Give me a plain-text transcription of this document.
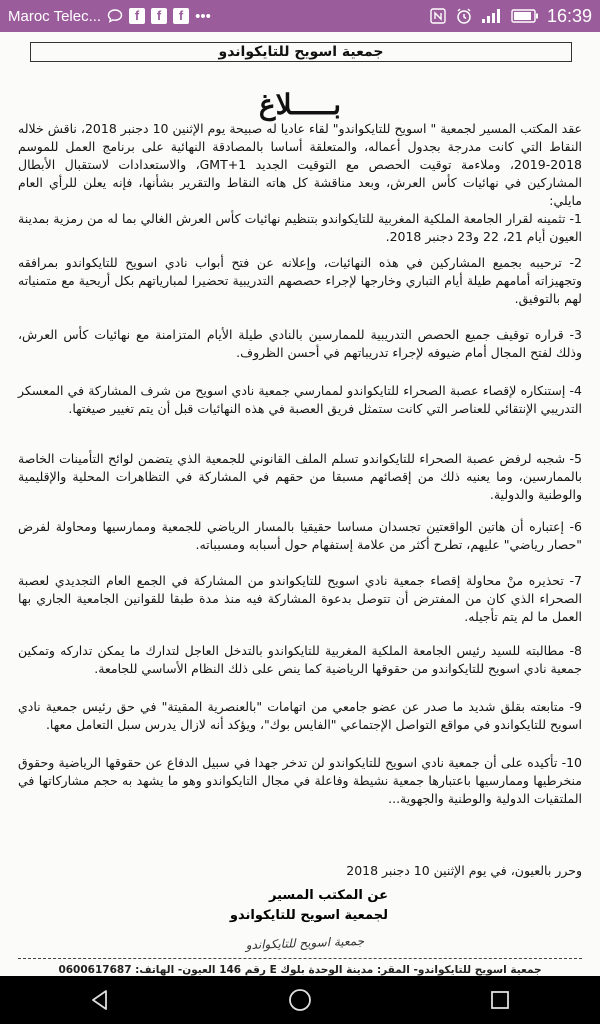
Maroc Telec...	f	f	f •••	16:39
جمعية اسويح للتايكواندو
بـــــلاغ
عقد المكتب المسير لجمعية " اسويح للتايكواندو" لقاء عاديا له صبيحة يوم الإثنين 10 دجنبر 2018، ناقش خلاله النقاط التي كانت مدرجة بجدول أعماله، والمتعلقة أساسا بالمصادقة النهائية على برنامج العمل للموسم 2018-2019، وملاءمة توقيت الحصص مع التوقيت الجديد GMT+1، والاستعدادات لاستقبال الأبطال المشاركين في نهائيات كأس العرش، وبعد مناقشة كل هاته النقاط والتقرير بشأنها، فإنه يعلن للرأي العام مايلي:
1- تثمينه لقرار الجامعة الملكية المغربية للتايكواندو بتنظيم نهائيات كأس العرش الغالي بما له من رمزية بمدينة العيون أيام 21، 22 و23 دجنبر 2018.
2- ترحيبه بجميع المشاركين في هذه النهائيات، وإعلانه عن فتح أبواب نادي اسويح للتايكواندو بمرافقه وتجهيزاته أمامهم طيلة أيام التباري وخارجها لإجراء حصصهم التدريبية تحضيرا لمبارياتهم بكل أريحية مع متمنياته لهم بالتوفيق.
3- قراره توقيف جميع الحصص التدريبية للممارسين بالنادي طيلة الأيام المتزامنة مع نهائيات كأس العرش، وذلك لفتح المجال أمام ضيوفه لإجراء تدريباتهم في أحسن الظروف.
4- إستنكاره لإقصاء عصبة الصحراء للتايكواندو لممارسي جمعية نادي اسويح من شرف المشاركة في المعسكر التدريبي الإنتقائي للعناصر التي كانت ستمثل فريق العصبة في هذه النهائيات قبل أن يتم تغيير صيغتها.
5- شجبه لرفض عصبة الصحراء للتايكواندو تسلم الملف القانوني للجمعية الذي يتضمن لوائح التأمينات الخاصة بالممارسين، وما يعنيه ذلك من إقصائهم مسبقا من حقهم في المشاركة في التظاهرات المحلية والإقليمية والوطنية والدولية.
6- إعتباره أن هاتين الواقعتين تجسدان مساسا حقيقيا بالمسار الرياضي للجمعية وممارسيها ومحاولة لفرض "حصار رياضي" عليهم، تطرح أكثر من علامة إستفهام حول أسبابه ومسبباته.
7- تحذيره منْ محاولة إقصاء جمعية نادي اسويح للتايكواندو من المشاركة في الجمع العام التجديدي لعصبة الصحراء الذي كان من المفترض أن تتوصل بدعوة المشاركة فيه منذ مدة طبقا للقوانين الجامعية الجاري بها العمل ما لم يتم تأجيله.
8- مطالبته للسيد رئيس الجامعة الملكية المغربية للتايكواندو بالتدخل العاجل لتدارك ما يمكن تداركه وتمكين جمعية نادي اسويح للتايكواندو من حقوقها الرياضية كما ينص على ذلك النظام الأساسي للجامعة.
9- متابعته بقلق شديد ما صدر عن عضو جامعي من اتهامات "بالعنصرية المقيتة" في حق رئيس جمعية نادي اسويح للتايكواندو في مواقع التواصل الإجتماعي "الفايس بوك"، ويؤكد أنه لازال يدرس سبل التعامل معها.
10- تأكيده على أن جمعية نادي اسويح للتايكواندو لن تدخر جهدا في سبيل الدفاع عن حقوقها الرياضية وحقوق منخرطيها وممارسيها باعتبارها جمعية نشيطة وفاعلة في مجال التايكواندو وهو ما يشهد به حجم مشاركاتها في الملتقيات الدولية والوطنية والجهوية...
وحرر بالعيون، في يوم الإثنين 10 دجنبر 2018
عن المكتب المسير
لجمعية اسويح للتايكواندو
جمعية اسويح للتايكواندو
جمعية اسويح للتايكواندو- المقر: مدينة الوحدة بلوك E رقم 146 العيون- الهاتف: 0600617687
